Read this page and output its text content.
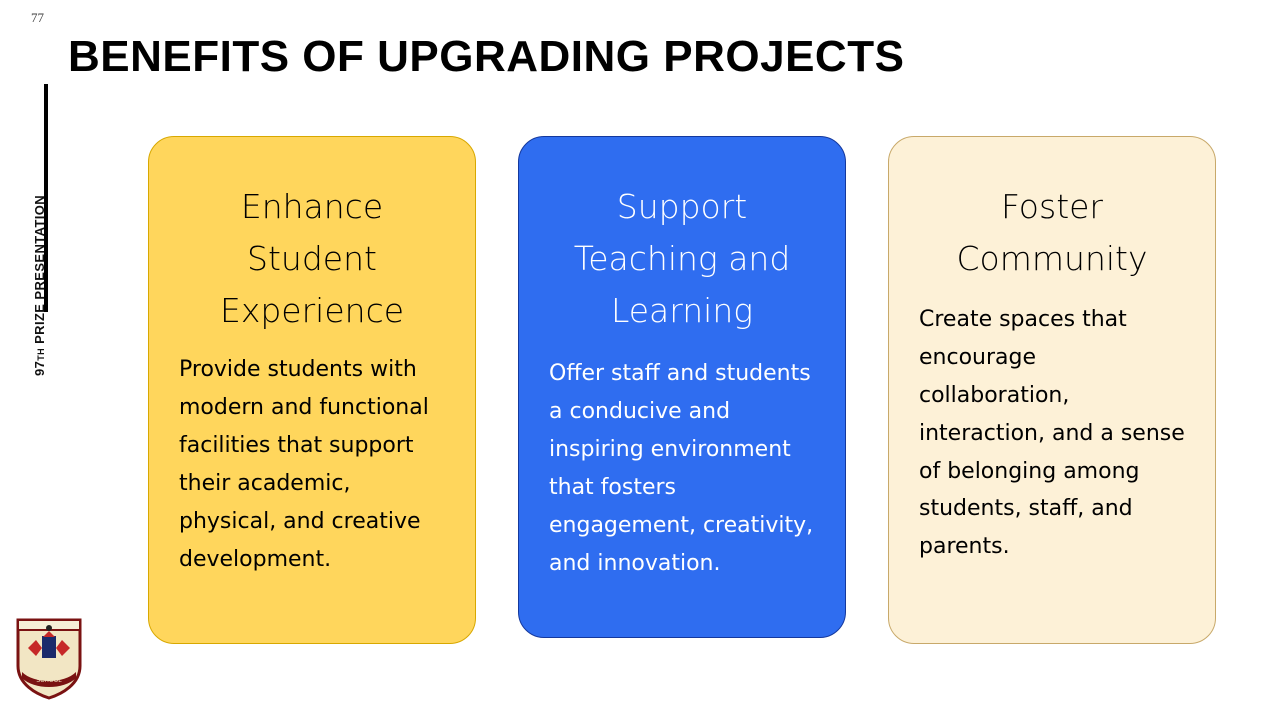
77
BENEFITS OF UPGRADING PROJECTS
97TH PRIZE PRESENTATION
SCHOOL
Enhance Student Experience
Provide students with modern and functional facilities that support their academic, physical, and creative development.
Support Teaching and Learning
Offer staff and students a conducive and inspiring environment that fosters engagement, creativity, and innovation.
Foster Community
Create spaces that encourage collaboration, interaction, and a sense of belonging among students, staff, and parents.
